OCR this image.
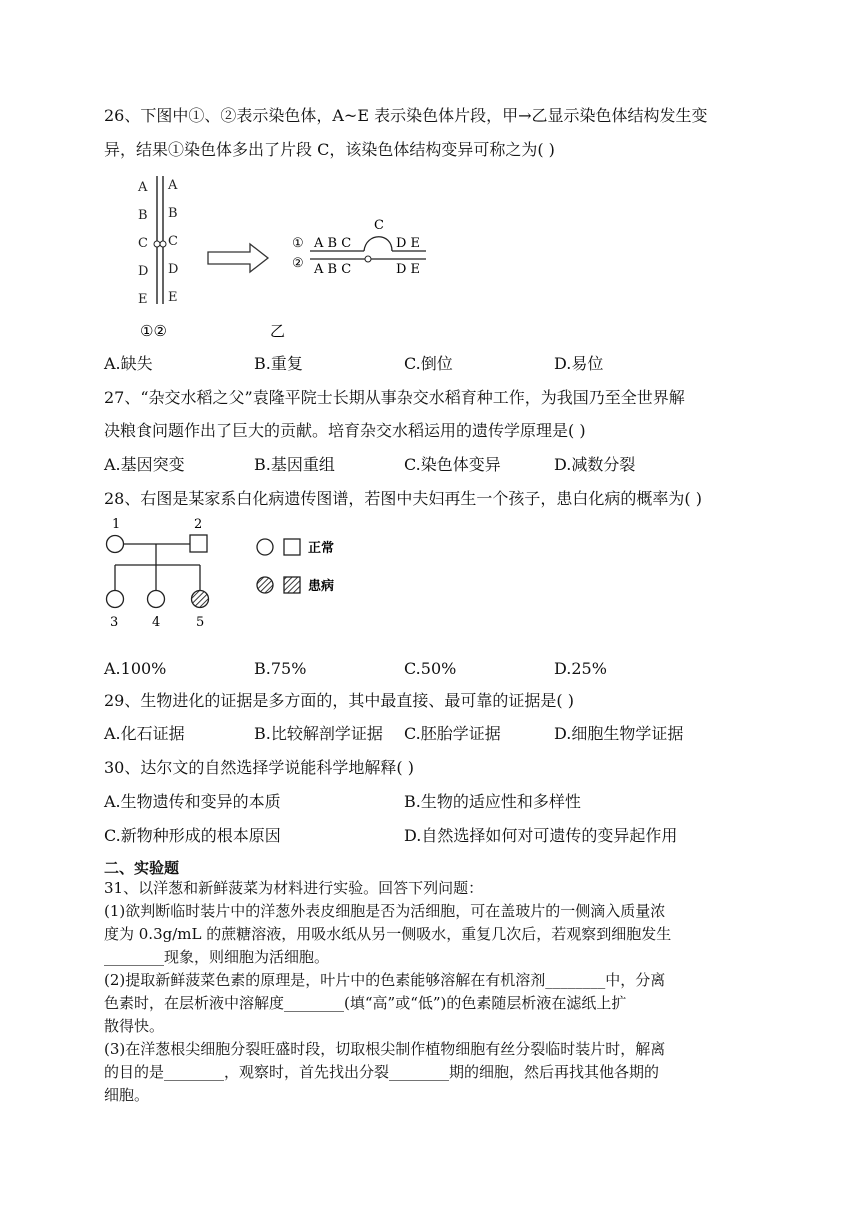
26、下图中①、②表示染色体，A~E 表示染色体片段，甲→乙显示染色体结构发生变
异，结果①染色体多出了片段 C，该染色体结构变异可称之为( )
A
B
C
D
E
A
B
C
D
E
① A B C
C
D E
② A B C	D E
①②	乙
A.缺失	B.重复	C.倒位	D.易位
27、“杂交水稻之父”袁隆平院士长期从事杂交水稻育种工作，为我国乃至全世界解
决粮食问题作出了巨大的贡献。培育杂交水稻运用的遗传学原理是( )
A.基因突变	B.基因重组	C.染色体变异	D.减数分裂
28、右图是某家系白化病遗传图谱，若图中夫妇再生一个孩子，患白化病的概率为( )
1	2
3	4	5
正常
患病
A.100%	B.75%	C.50%	D.25%
29、生物进化的证据是多方面的，其中最直接、最可靠的证据是( )
A.化石证据	B.比较解剖学证据 C.胚胎学证据	D.细胞生物学证据
30、达尔文的自然选择学说能科学地解释( )
A.生物遗传和变异的本质	B.生物的适应性和多样性
C.新物种形成的根本原因	D.自然选择如何对可遗传的变异起作用
二、实验题
31、以洋葱和新鲜菠菜为材料进行实验。回答下列问题：
(1)欲判断临时装片中的洋葱外表皮细胞是否为活细胞，可在盖玻片的一侧滴入质量浓
度为 0.3g/mL 的蔗糖溶液，用吸水纸从另一侧吸水，重复几次后，若观察到细胞发生
________现象，则细胞为活细胞。
(2)提取新鲜菠菜色素的原理是，叶片中的色素能够溶解在有机溶剂________中，分离
色素时，在层析液中溶解度________(填“高”或“低”)的色素随层析液在滤纸上扩
散得快。
(3)在洋葱根尖细胞分裂旺盛时段，切取根尖制作植物细胞有丝分裂临时装片时，解离
的目的是________，观察时，首先找出分裂________期的细胞，然后再找其他各期的
细胞。
